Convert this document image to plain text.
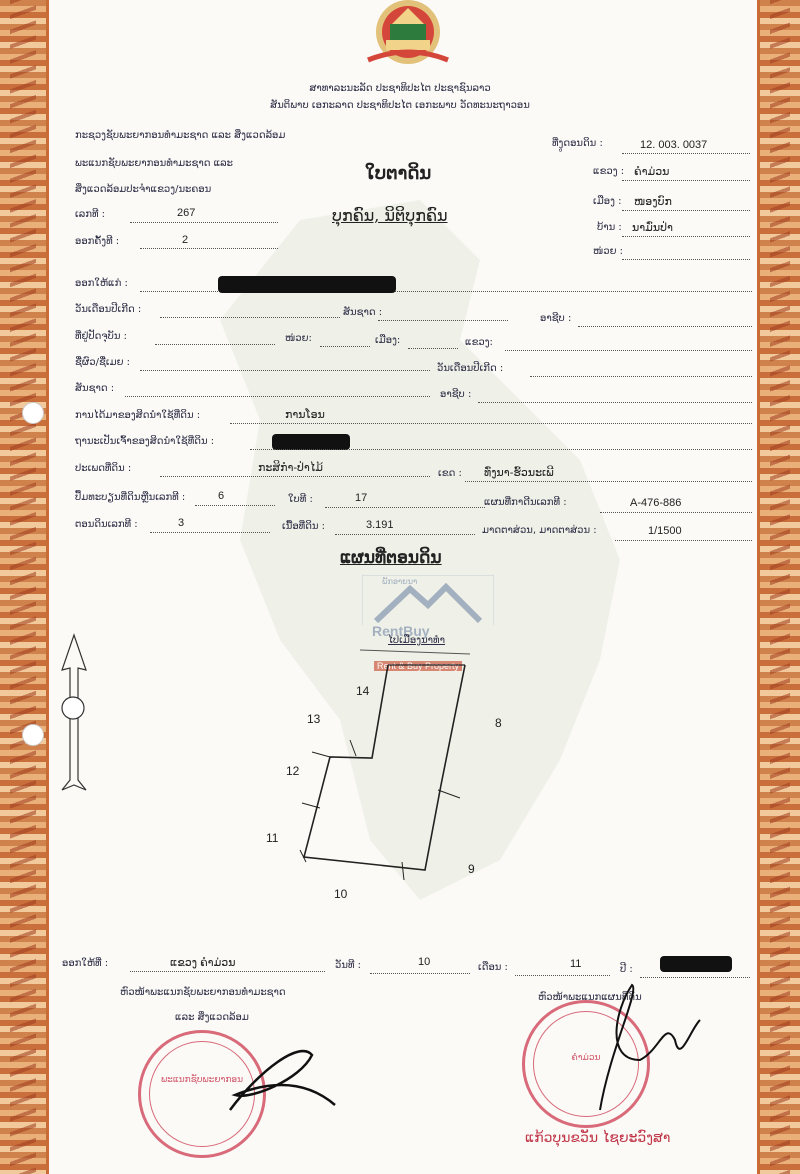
ສາທາລະນະລັດ ປະຊາທິປະໄຕ ປະຊາຊົນລາວ
ສັນຕິພາບ ເອກະລາດ ປະຊາທິປະໄຕ ເອກະພາບ ວັດທະນະຖາວອນ
ກະຊວງຊັບພະຍາກອນທຳມະຊາດ ແລະ ສິ່ງແວດລ້ອມ
ພະແນກຊັບພະຍາກອນທຳມະຊາດ ແລະ
ສິ່ງແວດລ້ອມປະຈຳແຂວງ/ນະຄອນ
ເລກທີ :	267
ອອກຄັ້ງທີ :	2
ໃບຕາດິນ
ບຸກຄົນ, ນິຕິບຸກຄົນ
ທີ່ງູດອນດິນ :	12. 003. 0037
ແຂວງ : ຄຳມ່ວນ
ເມືອງ : ໜອງບົກ
ບ້ານ : ນາມົ່ນປ່າ
ໜ່ວຍ :
ອອກໃຫ້ແກ່ :
ວັນເດືອນປີເກີດ :	ສັນຊາດ :
ອາຊີບ :
ທີ່ຢູ່ປັດຈຸບັນ :	ໜ່ວຍ:	ເມືອງ:	ແຂວງ:
ຊື່ຜົວ/ຊື່ເມຍ :
ວັນເດືອນປີເກີດ :
ສັນຊາດ :
ອາຊີບ :
ການໄດ້ມາຂອງສິດນຳໃຊ້ທີ່ດິນ :	ການໂອນ
ຖານະເປັນເຈົ້າຂອງສິດນຳໃຊ້ທີ່ດິນ :
ປະເພດທີ່ດິນ :	ກະສິກຳ-ປ່າໄມ້	ເຂດ : ທົ່ງນາ-ຮົ້ວນະເພີ
ປຶ້ມທະບຽນທີ່ດິນຫຼືນເລກທີ :	6	ໃບທີ :	17	ແຜນທີ່ກາດີນເລກທີ :	A-476-886
ຕອນດິນເລກທີ :	3	ເນື້ອທີ່ດິນ :	3.191	ມາດຕາສ່ວນ, ມາດຕາສ່ວນ :	1/1500
ແຜນທີ່ຕອນດິນ
ພັກອາຍນາ
RentBuy
Rent & Buy Property
ໄປເມືອງນາທຳ
14
13	8
12
11
9
10
ອອກໃຫ້ທີ່ :	ແຂວງ ຄຳມ່ວນ	ວັນທີ :	10	ເດືອນ :	11	ປີ :
ຫົວໜ້າພະແນກຊັບພະຍາກອນທຳມະຊາດ
ແລະ ສິ່ງແວດລ້ອມ
ຫົວໜ້າພະແນກແຜນທີ່ດິນ
ພະແນກຊັບພະຍາກອນ
ຄຳມ່ວນ
ແກ້ວບຸນຂວັນ ໄຊຍະວົງສາ
